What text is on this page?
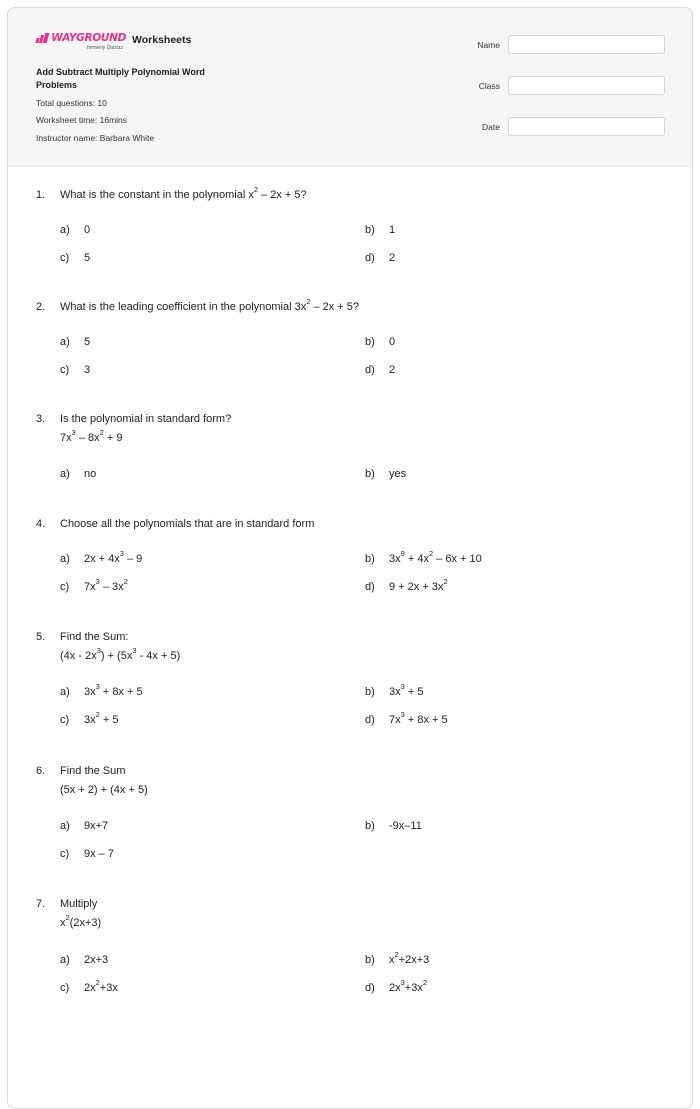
WAYGROUND
formerly Quizizz
Worksheets
Add Subtract Multiply Polynomial Word Problems
Total questions: 10
Worksheet time: 16mins
Instructor name: Barbara White
Name
Class
Date
1. What is the constant in the polynomial $x^2 - 2x + 5$?
a)	0	b)	1
c)	5	d)	2
2. What is the leading coefficient in the polynomial $3x^2 - 2x + 5$?
a)	5	b)	0
c)	3	d)	2
3. Is the polynomial in standard form?
$7x^3 - 8x^2 + 9$
a)	no	b)	yes
4. Choose all the polynomials that are in standard form
a)	$2x + 4x^3 - 9$	b)	$3x^9 + 4x^2 - 6x + 10$
c)	$7x^3 - 3x^2$	d)	$9 + 2x + 3x^2$
5. Find the Sum:
$(4x - 2x^3) + (5x^3 - 4x + 5)$
a)	$3x^3 + 8x + 5$	b)	$3x^3 + 5$
c)	$3x^2 + 5$	d)	$7x^3 + 8x + 5$
6. Find the Sum
(5x + 2) + (4x + 5)
a)	9x+7	b)	-9x–11
c)	9x – 7
7. Multiply
$x^2(2x+3)$
a)	2x+3	b)	$x^2+2x+3$
c)	$2x^2+3x$	d)	$2x^3+3x^2$
